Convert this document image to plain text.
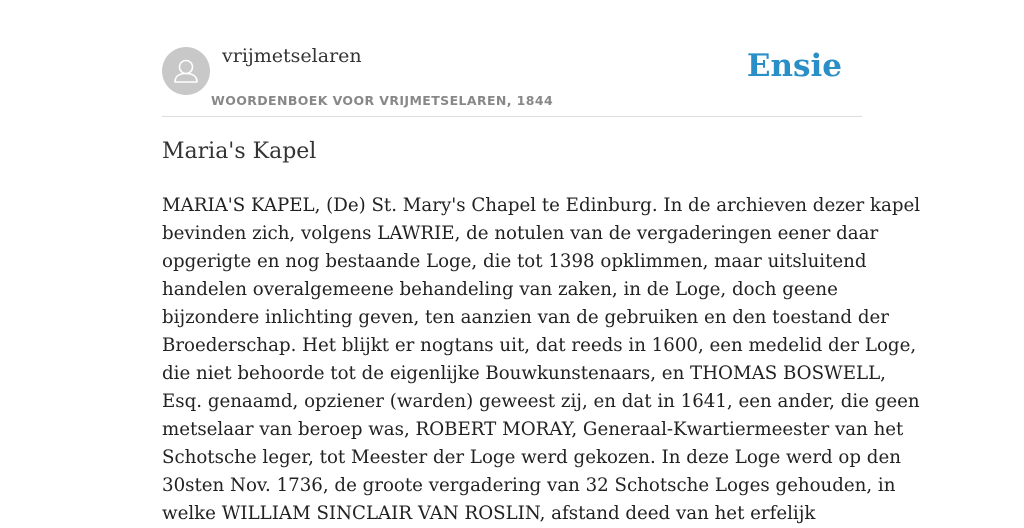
vrijmetselaren
WOORDENBOEK VOOR VRIJMETSELAREN, 1844
Ensie
Maria's Kapel
MARIA'S KAPEL, (De) St. Mary's Chapel te Edinburg. In de archieven dezer kapel
bevinden zich, volgens LAWRIE, de notulen van de vergaderingen eener daar
opgerigte en nog bestaande Loge, die tot 1398 opklimmen, maar uitsluitend
handelen overalgemeene behandeling van zaken, in de Loge, doch geene
bijzondere inlichting geven, ten aanzien van de gebruiken en den toestand der
Broederschap. Het blijkt er nogtans uit, dat reeds in 1600, een medelid der Loge,
die niet behoorde tot de eigenlijke Bouwkunstenaars, en THOMAS BOSWELL,
Esq. genaamd, opziener (warden) geweest zij, en dat in 1641, een ander, die geen
metselaar van beroep was, ROBERT MORAY, Generaal-Kwartiermeester van het
Schotsche leger, tot Meester der Loge werd gekozen. In deze Loge werd op den
30sten Nov. 1736, de groote vergadering van 32 Schotsche Loges gehouden, in
welke WILLIAM SINCLAIR VAN ROSLIN, afstand deed van het erfelijk
